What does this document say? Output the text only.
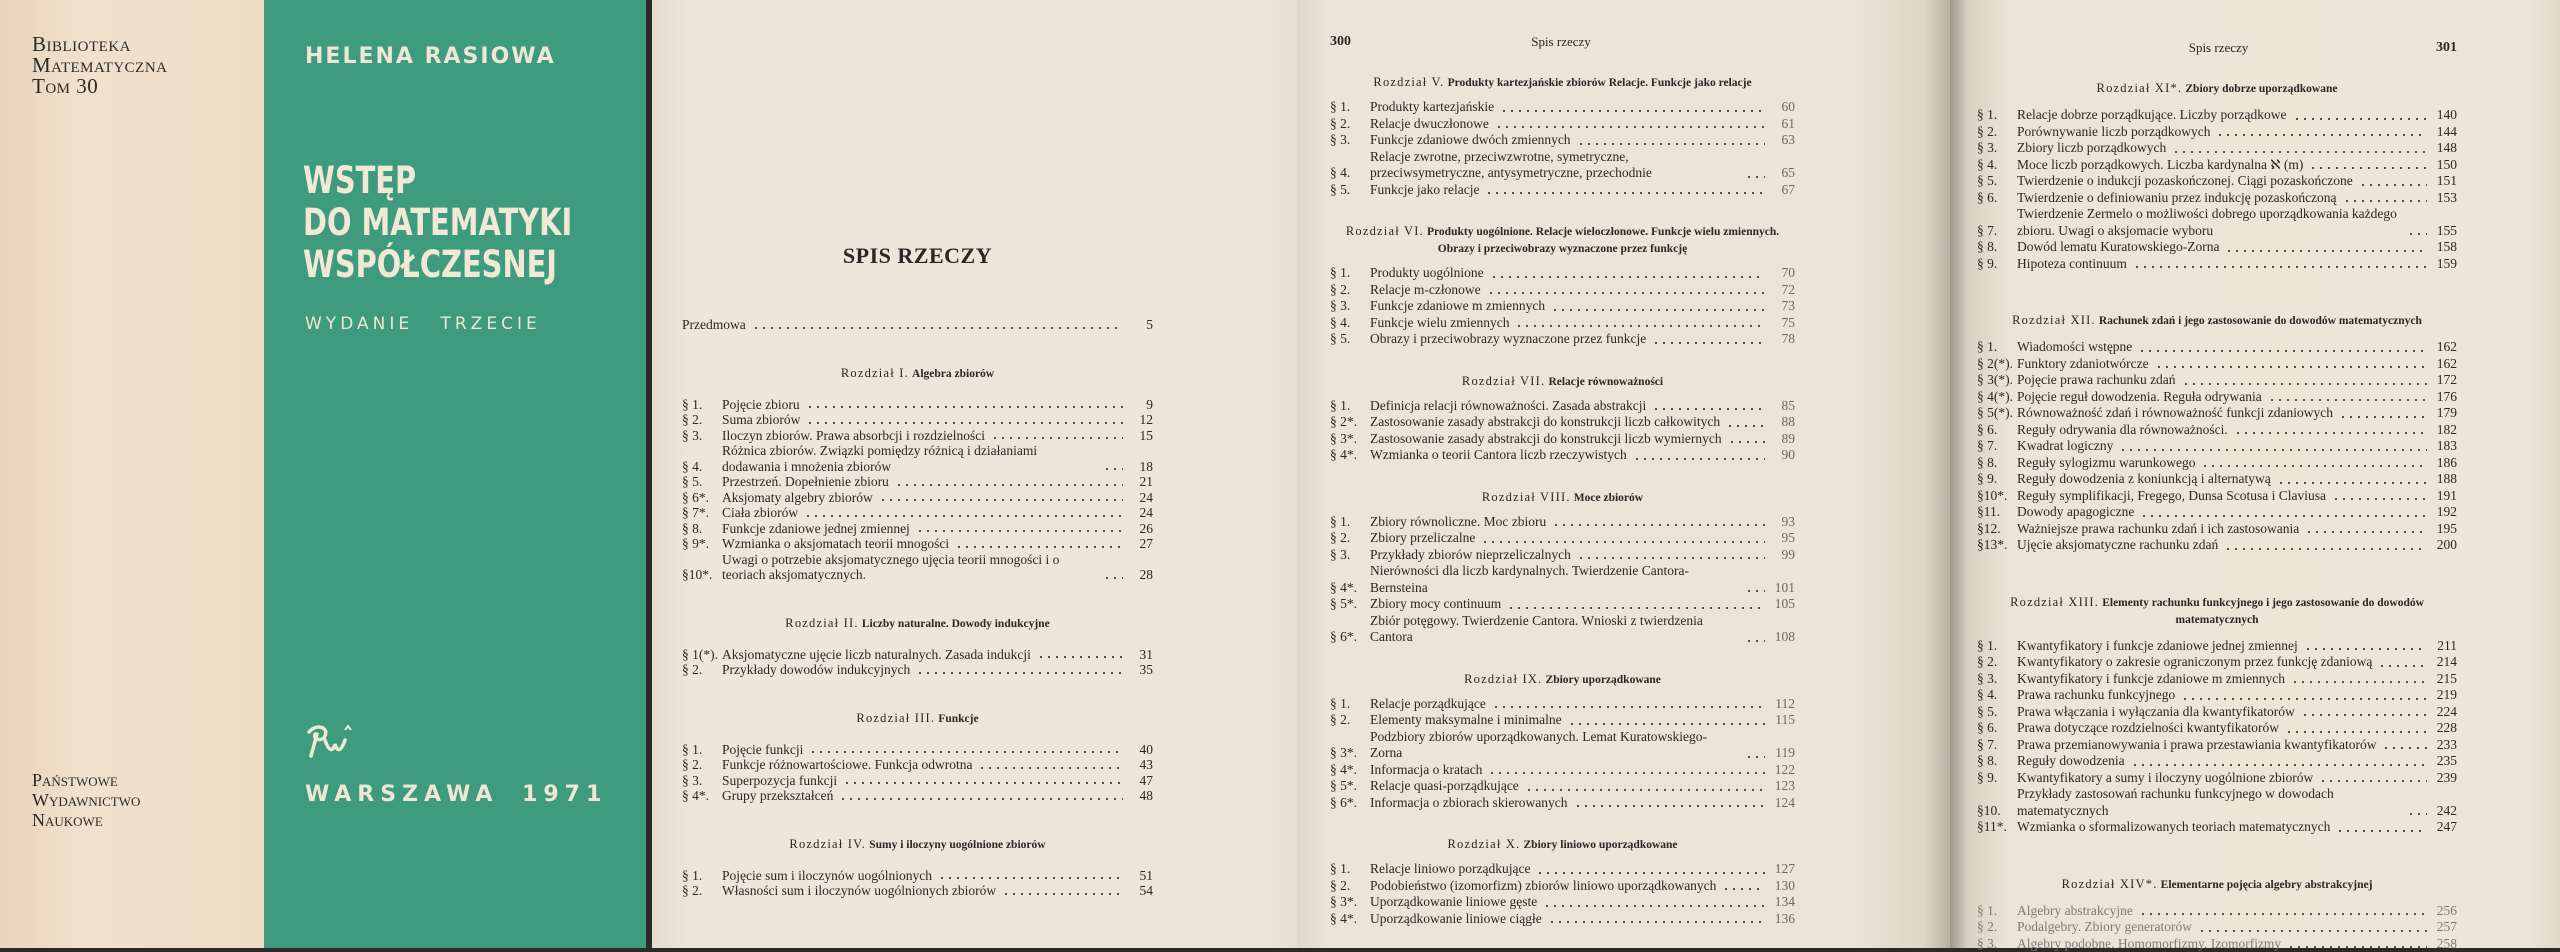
Biblioteka
Matematyczna
Tom 30
Państwowe
Wydawnictwo
Naukowe
HELENA RASIOWA
WSTĘP
DO MATEMATYKI
WSPÓŁCZESNEJ
WYDANIE TRZECIE
WARSZAWA 1971
SPIS RZECZY
Przedmowa	5
Rozdział I. Algebra zbiorów
§ 1.	Pojęcie zbioru	9
§ 2.	Suma zbiorów	12
§ 3.	Iloczyn zbiorów. Prawa absorbcji i rozdzielności	15
§ 4.
Różnica zbiorów. Związki pomiędzy różnicą i działaniami dodawania i mnożenia zbiorów	18
§ 5.	Przestrzeń. Dopełnienie zbioru	21
§ 6*. Aksjomaty algebry zbiorów	24
§ 7*. Ciała zbiorów	24
§ 8.	Funkcje zdaniowe jednej zmiennej	26
§ 9*. Wzmianka o aksjomatach teorii mnogości	27
§10*.
Uwagi o potrzebie aksjomatycznego ujęcia teorii mnogości i o teoriach aksjomatycznych.	28
Rozdział II. Liczby naturalne. Dowody indukcyjne
§ 1(*). Aksjomatyczne ujęcie liczb naturalnych. Zasada indukcji	31
§ 2.	Przykłady dowodów indukcyjnych	35
Rozdział III. Funkcje
§ 1.	Pojęcie funkcji	40
§ 2.	Funkcje różnowartościowe. Funkcja odwrotna	43
§ 3.	Superpozycja funkcji	47
§ 4*. Grupy przekształceń	48
Rozdział IV. Sumy i iloczyny uogólnione zbiorów
§ 1.	Pojęcie sum i iloczynów uogólnionych	51
§ 2.	Własności sum i iloczynów uogólnionych zbiorów	54
300	Spis rzeczy
Rozdział V. Produkty kartezjańskie zbiorów Relacje. Funkcje jako relacje
§ 1.	Produkty kartezjańskie	60
§ 2.	Relacje dwuczłonowe	61
§ 3.	Funkcje zdaniowe dwóch zmiennych	63
§ 4.
Relacje zwrotne, przeciwzwrotne, symetryczne, przeciwsymetryczne, antysymetryczne, przechodnie	65
§ 5.	Funkcje jako relacje	67
Rozdział VI. Produkty uogólnione. Relacje wieloczłonowe. Funkcje wielu zmiennych. Obrazy i przeciwobrazy wyznaczone przez funkcję
§ 1.	Produkty uogólnione	70
§ 2.	Relacje m-członowe	72
§ 3.	Funkcje zdaniowe m zmiennych	73
§ 4.	Funkcje wielu zmiennych	75
§ 5.	Obrazy i przeciwobrazy wyznaczone przez funkcje	78
Rozdział VII. Relacje równoważności
§ 1.	Definicja relacji równoważności. Zasada abstrakcji	85
§ 2*. Zastosowanie zasady abstrakcji do konstrukcji liczb całkowitych	88
§ 3*. Zastosowanie zasady abstrakcji do konstrukcji liczb wymiernych	89
§ 4*. Wzmianka o teorii Cantora liczb rzeczywistych	90
Rozdział VIII. Moce zbiorów
§ 1.	Zbiory równoliczne. Moc zbioru	93
§ 2.	Zbiory przeliczalne	95
§ 3.	Przykłady zbiorów nieprzeliczalnych	99
§ 4*.
Nierówności dla liczb kardynalnych. Twierdzenie Cantora-Bernsteina	101
§ 5*. Zbiory mocy continuum	105
§ 6*.
Zbiór potęgowy. Twierdzenie Cantora. Wnioski z twierdzenia Cantora	108
Rozdział IX. Zbiory uporządkowane
§ 1.	Relacje porządkujące	112
§ 2.	Elementy maksymalne i minimalne	115
§ 3*.
Podzbiory zbiorów uporządkowanych. Lemat Kuratowskiego-Zorna	119
§ 4*. Informacja o kratach	122
§ 5*. Relacje quasi-porządkujące	123
§ 6*. Informacja o zbiorach skierowanych	124
Rozdział X. Zbiory liniowo uporządkowane
§ 1.	Relacje liniowo porządkujące	127
§ 2.	Podobieństwo (izomorfizm) zbiorów liniowo uporządkowanych	130
§ 3*. Uporządkowanie liniowe gęste	134
§ 4*. Uporządkowanie liniowe ciągłe	136
Spis rzeczy	301
Rozdział XI*. Zbiory dobrze uporządkowane
§ 1.	Relacje dobrze porządkujące. Liczby porządkowe	140
§ 2.	Porównywanie liczb porządkowych	144
§ 3.	Zbiory liczb porządkowych	148
§ 4.	Moce liczb porządkowych. Liczba kardynalna ℵ (m)	150
§ 5.	Twierdzenie o indukcji pozaskończonej. Ciągi pozaskończone	151
§ 6.	Twierdzenie o definiowaniu przez indukcję pozaskończoną	153
§ 7.
Twierdzenie Zermelo o możliwości dobrego uporządkowania każdego zbioru. Uwagi o aksjomacie wyboru	155
§ 8.	Dowód lematu Kuratowskiego-Zorna	158
§ 9.	Hipoteza continuum	159
Rozdział XII. Rachunek zdań i jego zastosowanie do dowodów matematycznych
§ 1.	Wiadomości wstępne	162
§ 2(*). Funktory zdaniotwórcze	162
§ 3(*). Pojęcie prawa rachunku zdań	172
§ 4(*). Pojęcie reguł dowodzenia. Reguła odrywania	176
§ 5(*). Równoważność zdań i równoważność funkcji zdaniowych	179
§ 6.	Reguły odrywania dla równoważności.	182
§ 7.	Kwadrat logiczny	183
§ 8.	Reguły sylogizmu warunkowego	186
§ 9.	Reguły dowodzenia z koniunkcją i alternatywą	188
§10*. Reguły symplifikacji, Fregego, Dunsa Scotusa i Claviusa	191
§11.	Dowody apagogiczne	192
§12.	Ważniejsze prawa rachunku zdań i ich zastosowania	195
§13*. Ujęcie aksjomatyczne rachunku zdań	200
Rozdział XIII. Elementy rachunku funkcyjnego i jego zastosowanie do dowodów matematycznych
§ 1.	Kwantyfikatory i funkcje zdaniowe jednej zmiennej	211
§ 2.	Kwantyfikatory o zakresie ograniczonym przez funkcję zdaniową	214
§ 3.	Kwantyfikatory i funkcje zdaniowe m zmiennych	215
§ 4.	Prawa rachunku funkcyjnego	219
§ 5.	Prawa włączania i wyłączania dla kwantyfikatorów	224
§ 6.	Prawa dotyczące rozdzielności kwantyfikatorów	228
§ 7.	Prawa przemianowywania i prawa przestawiania kwantyfikatorów	233
§ 8.	Reguły dowodzenia	235
§ 9.	Kwantyfikatory a sumy i iloczyny uogólnione zbiorów	239
§10.
Przykłady zastosowań rachunku funkcyjnego w dowodach matematycznych	242
§11*. Wzmianka o sformalizowanych teoriach matematycznych	247
Rozdział XIV*. Elementarne pojęcia algebry abstrakcyjnej
§ 1.	Algebry abstrakcyjne	256
§ 2.	Podalgebry. Zbiory generatorów	257
§ 3.	Algebry podobne. Homomorfizmy. Izomorfizmy	258
